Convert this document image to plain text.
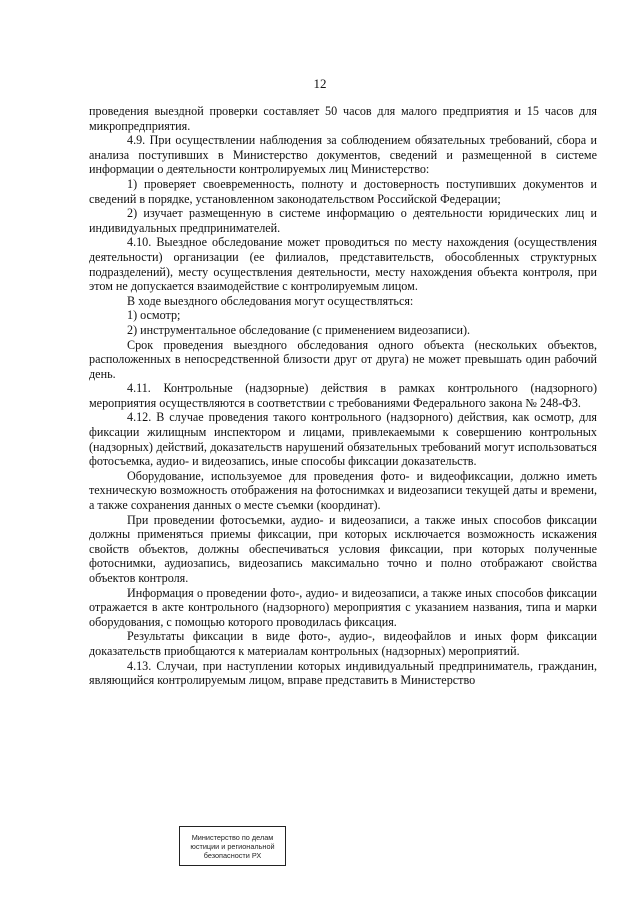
12

проведения выездной проверки составляет 50 часов для малого предприятия и 15 часов для микропредприятия.

4.9. При осуществлении наблюдения за соблюдением обязательных требований, сбора и анализа поступивших в Министерство документов, сведений и размещенной в системе информации о деятельности контролируемых лиц Министерство:

1) проверяет своевременность, полноту и достоверность поступивших документов и сведений в порядке, установленном законодательством Российской Федерации;

2) изучает размещенную в системе информацию о деятельности юридических лиц и индивидуальных предпринимателей.

4.10. Выездное обследование может проводиться по месту нахождения (осуществления деятельности) организации (ее филиалов, представительств, обособленных структурных подразделений), месту осуществления деятельности, месту нахождения объекта контроля, при этом не допускается взаимодействие с контролируемым лицом.

В ходе выездного обследования могут осуществляться:

1) осмотр;

2) инструментальное обследование (с применением видеозаписи).

Срок проведения выездного обследования одного объекта (нескольких объектов, расположенных в непосредственной близости друг от друга) не может превышать один рабочий день.

4.11. Контрольные (надзорные) действия в рамках контрольного (надзорного) мероприятия осуществляются в соответствии с требованиями Федерального закона № 248-ФЗ.

4.12. В случае проведения такого контрольного (надзорного) действия, как осмотр, для фиксации жилищным инспектором и лицами, привлекаемыми к совершению контрольных (надзорных) действий, доказательств нарушений обязательных требований могут использоваться фотосъемка, аудио- и видеозапись, иные способы фиксации доказательств.

Оборудование, используемое для проведения фото- и видеофиксации, должно иметь техническую возможность отображения на фотоснимках и видеозаписи текущей даты и времени, а также сохранения данных о месте съемки (координат).

При проведении фотосъемки, аудио- и видеозаписи, а также иных способов фиксации должны применяться приемы фиксации, при которых исключается возможность искажения свойств объектов, должны обеспечиваться условия фиксации, при которых полученные фотоснимки, аудиозапись, видеозапись максимально точно и полно отображают свойства объектов контроля.

Информация о проведении фото-, аудио- и видеозаписи, а также иных способов фиксации отражается в акте контрольного (надзорного) мероприятия с указанием названия, типа и марки оборудования, с помощью которого проводилась фиксация.

Результаты фиксации в виде фото-, аудио-, видеофайлов и иных форм фиксации доказательств приобщаются к материалам контрольных (надзорных) мероприятий.

4.13. Случаи, при наступлении которых индивидуальный предприниматель, гражданин, являющийся контролируемым лицом, вправе представить в Министерство

Министерство по делам
юстиции и региональной
безопасности РХ
